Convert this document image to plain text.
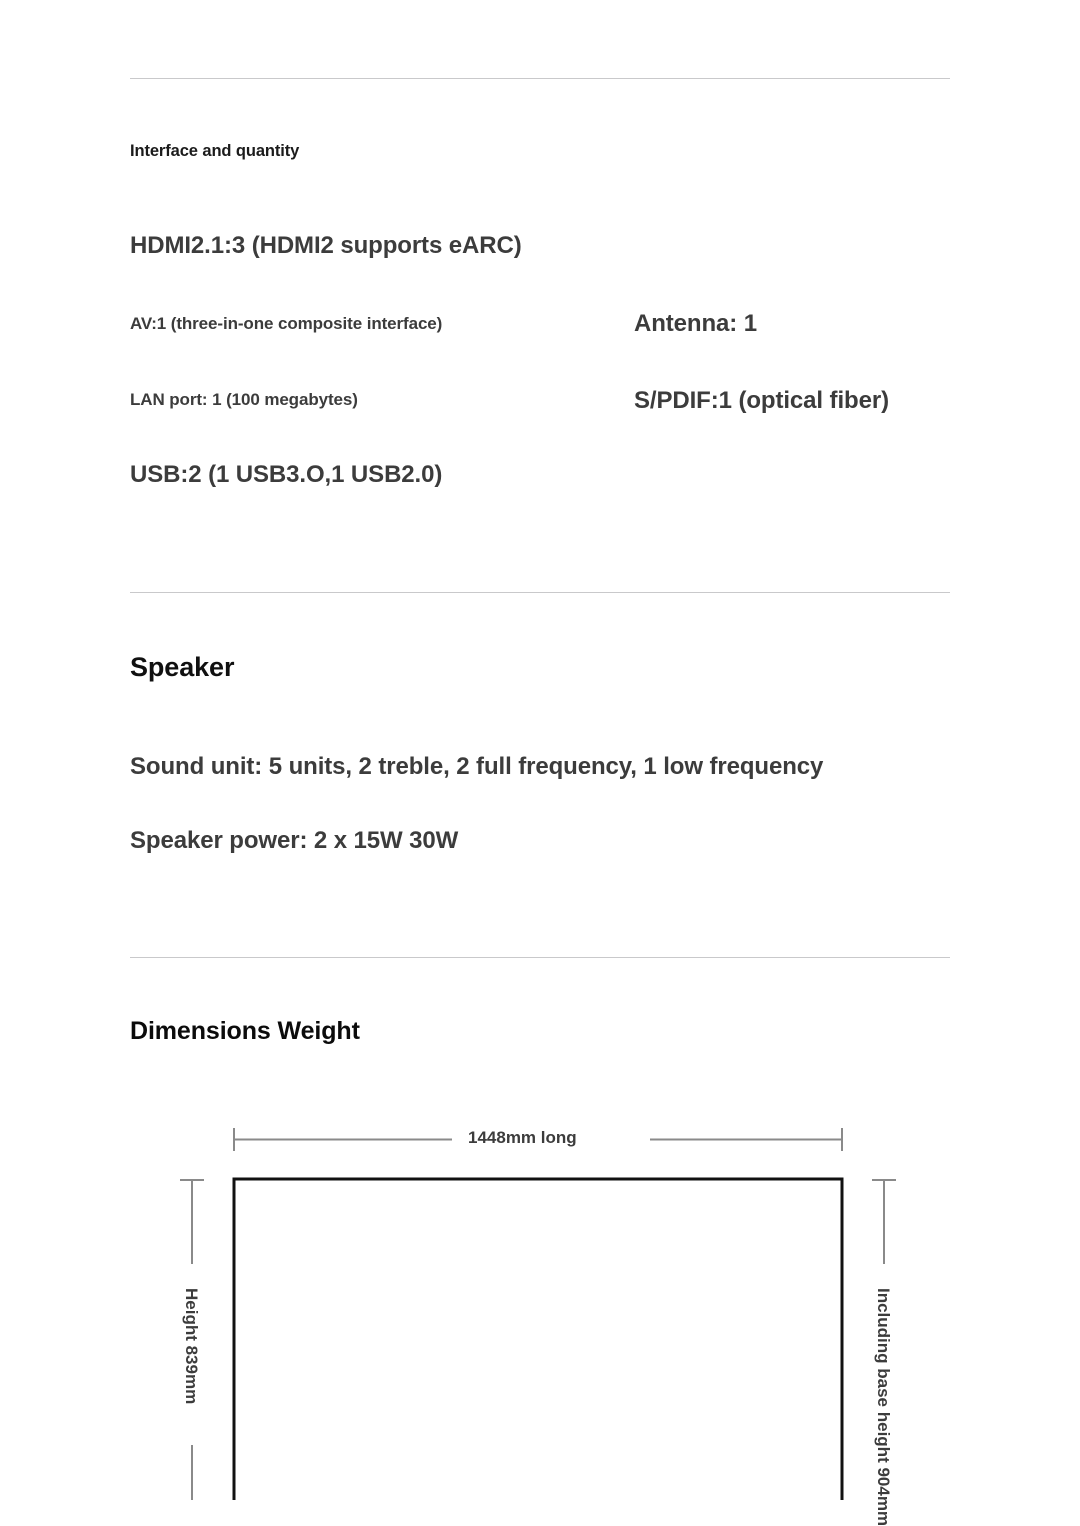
Interface and quantity
HDMI2.1:3 (HDMI2 supports eARC)
AV:1 (three-in-one composite interface)	Antenna: 1
LAN port: 1 (100 megabytes)	S/PDIF:1 (optical fiber)
USB:2 (1 USB3.O,1 USB2.0)
Speaker
Sound unit: 5 units, 2 treble, 2 full frequency, 1 low frequency
Speaker power: 2 x 15W 30W
Dimensions Weight
1448mm long
Height 839mm	Including base height 904mm
